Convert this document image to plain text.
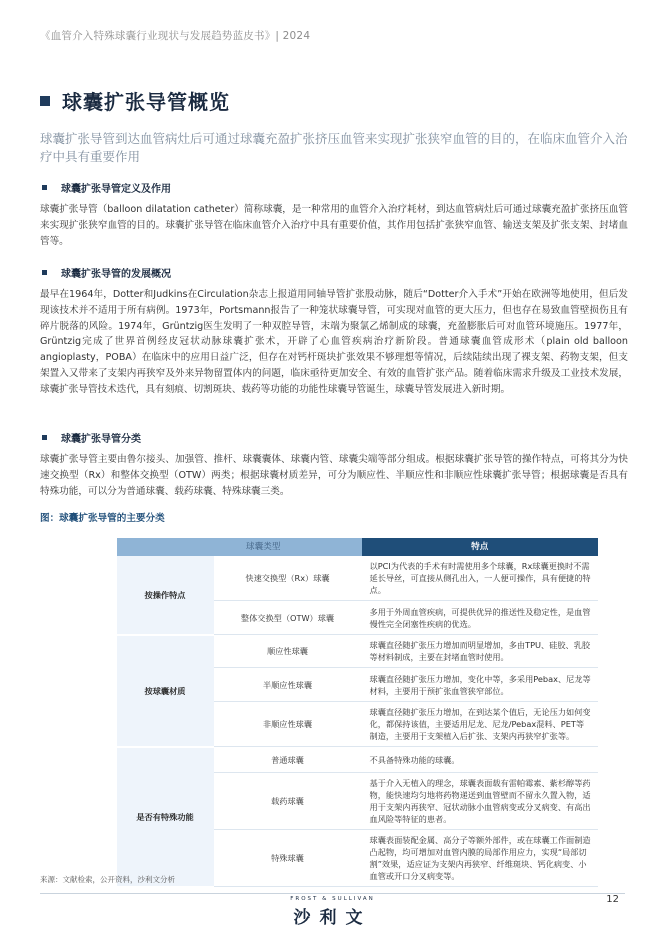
《血管介入特殊球囊行业现状与发展趋势蓝皮书》| 2024
球囊扩张导管概览
球囊扩张导管到达血管病灶后可通过球囊充盈扩张挤压血管来实现扩张狭窄血管的目的，在临床血管介入治疗中具有重要作用
球囊扩张导管定义及作用
球囊扩张导管（balloon dilatation catheter）简称球囊，是一种常用的血管介入治疗耗材，到达血管病灶后可通过球囊充盈扩张挤压血管来实现扩张狭窄血管的目的。球囊扩张导管在临床血管介入治疗中具有重要价值，其作用包括扩张狭窄血管、输送支架及扩张支架、封堵血管等。
球囊扩张导管的发展概况
最早在1964年，Dotter和Judkins在Circulation杂志上报道用同轴导管扩张股动脉，随后“Dotter介入手术”开始在欧洲等地使用，但后发现该技术并不适用于所有病例。1973年，Portsmann报告了一种笼状球囊导管，可实现对血管的更大压力，但也存在易致血管壁损伤且有碎片脱落的风险。1974年，Grüntzig医生发明了一种双腔导管，末端为聚氯乙烯制成的球囊，充盈膨胀后可对血管环境施压。1977年，Grüntzig完成了世界首例经皮冠状动脉球囊扩张术，开辟了心血管疾病治疗新阶段。普通球囊血管成形术（plain old balloon angioplasty，POBA）在临床中的应用日益广泛，但存在对钙杆斑块扩张效果不够理想等情况，后续陆续出现了裸支架、药物支架，但支架置入又带来了支架内再狭窄及外来异物留置体内的问题，临床亟待更加安全、有效的血管扩张产品。随着临床需求升级及工业技术发展，球囊扩张导管技术迭代，具有刻痕、切割斑块、载药等功能的功能性球囊导管诞生，球囊导管发展进入新时期。
球囊扩张导管分类
球囊扩张导管主要由鲁尔接头、加强管、推杆、球囊囊体、球囊内管、球囊尖端等部分组成。根据球囊扩张导管的操作特点，可将其分为快速交换型（Rx）和整体交换型（OTW）两类；根据球囊材质差异，可分为顺应性、半顺应性和非顺应性球囊扩张导管；根据球囊是否具有特殊功能，可以分为普通球囊、载药球囊、特殊球囊三类。
图：球囊扩张导管的主要分类
球囊类型		特点
按操作特点	快速交换型（Rx）球囊	以PCI为代表的手术有时需使用多个球囊，Rx球囊更换时不需延长导丝，可直接从侧孔出入，一人便可操作，具有便捷的特点。
	整体交换型（OTW）球囊	多用于外周血管疾病，可提供优异的推送性及稳定性，是血管慢性完全闭塞性疾病的优选。
按球囊材质	顺应性球囊	球囊直径随扩张压力增加而明显增加，多由TPU、硅胶、乳胶等材料制成，主要在封堵血管时使用。
	半顺应性球囊	球囊直径随扩张压力增加，变化中等，多采用Pebax、尼龙等材料，主要用于预扩张血管狭窄部位。
	非顺应性球囊	球囊直径随扩张压力增加，在到达某个值后，无论压力如何变化，都保持该值，主要适用尼龙、尼龙/Pebax混料、PET等制造，主要用于支架植入后扩张、支架内再狭窄扩张等。
是否有特殊功能	普通球囊	不具备特殊功能的球囊。
	载药球囊	基于介入无植入的理念，球囊表面载有雷帕霉素、紫杉醇等药物，能快速均匀地将药物递送到血管壁而不留永久置入物，适用于支架内再狭窄、冠状动脉小血管病变或分叉病变、有高出血风险等特征的患者。
	特殊球囊	球囊表面装配金属、高分子等额外部件，或在球囊工作面制造凸起物，均可增加对血管内膜的局部作用应力，实现“局部切割”效果，适应证为支架内再狭窄、纤维斑块、钙化病变、小血管或开口分叉病变等。
来源：文献检索，公开资料，沙利文分析
FROST & SULLIVAN
沙利文
12
